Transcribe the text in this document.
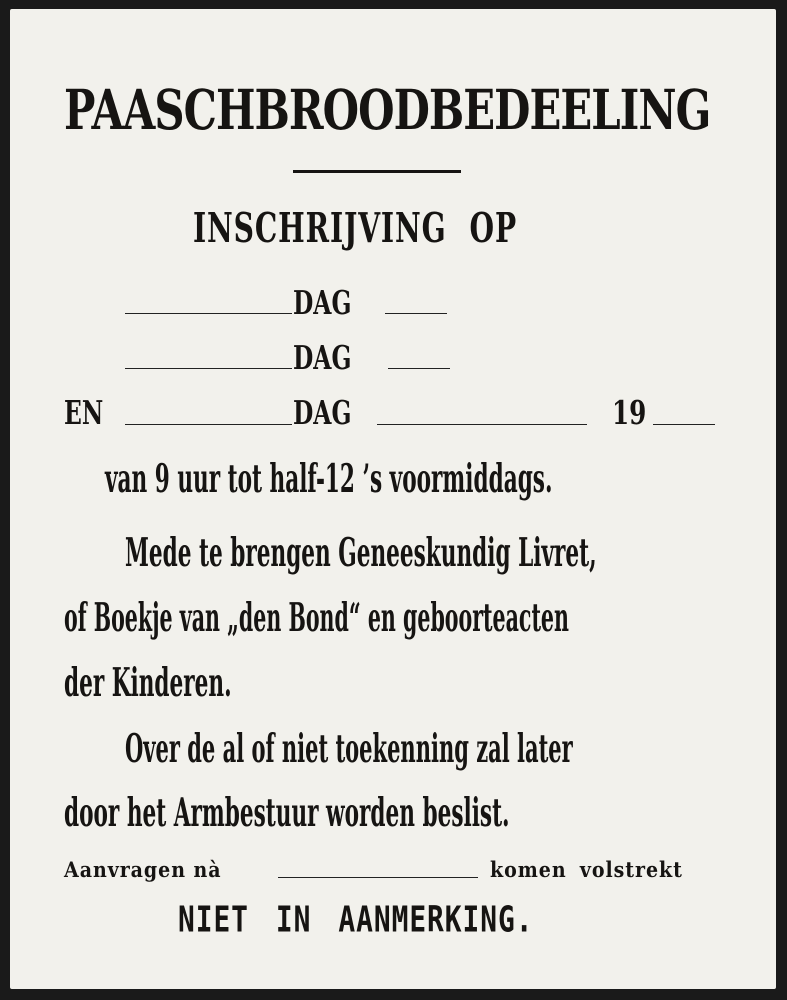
PAASCHBROODBEDEELING
INSCHRIJVING OP
DAG
DAG
EN	DAG	19
van 9 uur tot half-12 ’s voormiddags.
Mede te brengen Geneeskundig Livret,
of Boekje van „den Bond“ en geboorteacten
der Kinderen.
Over de al of niet toekenning zal later
door het Armbestuur worden beslist.
Aanvragen nà	komen volstrekt
NIET IN AANMERKING.
